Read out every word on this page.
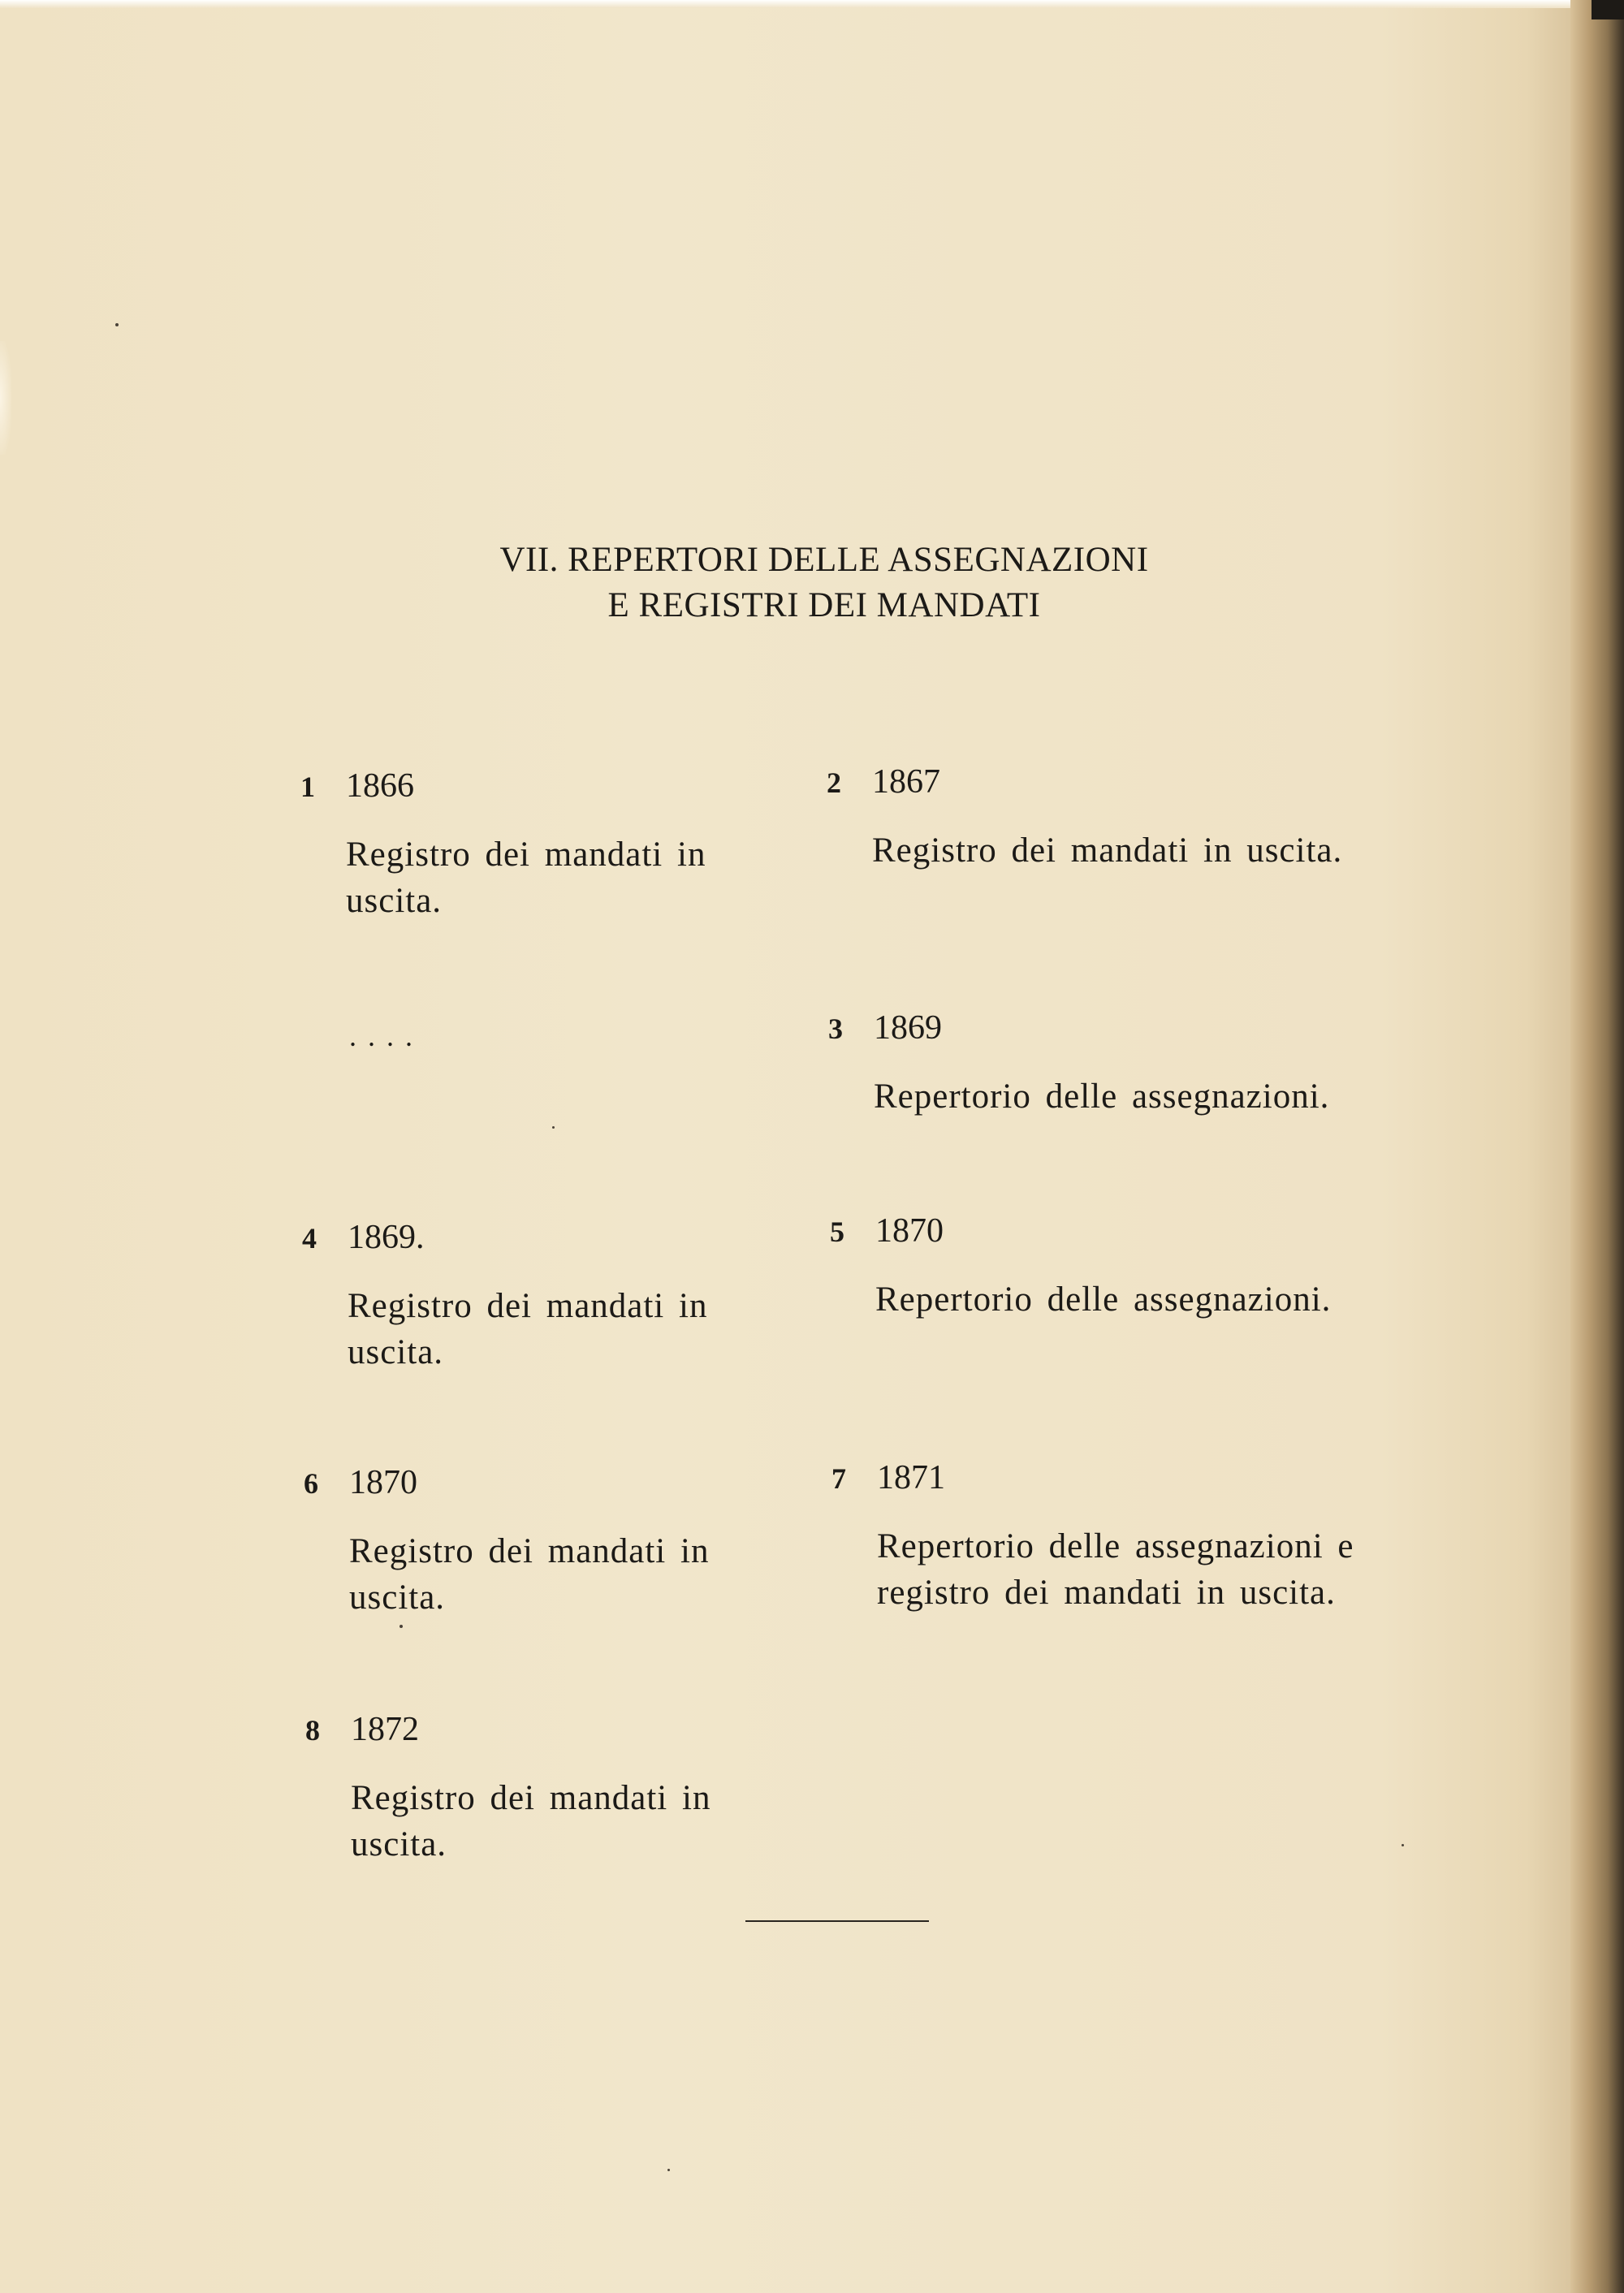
VII. REPERTORI DELLE ASSEGNAZIONI
E REGISTRI DEI MANDATI
1 1866
Registro dei mandati in uscita.
2 1867
Registro dei mandati in uscita.
....	3 1869
Repertorio delle assegnazioni.
4 1869.
Registro dei mandati in uscita.
5 1870
Repertorio delle assegnazioni.
6 1870
Registro dei mandati in uscita.
7 1871
Repertorio delle assegnazioni e registro dei mandati in uscita.
8 1872
Registro dei mandati in uscita.
